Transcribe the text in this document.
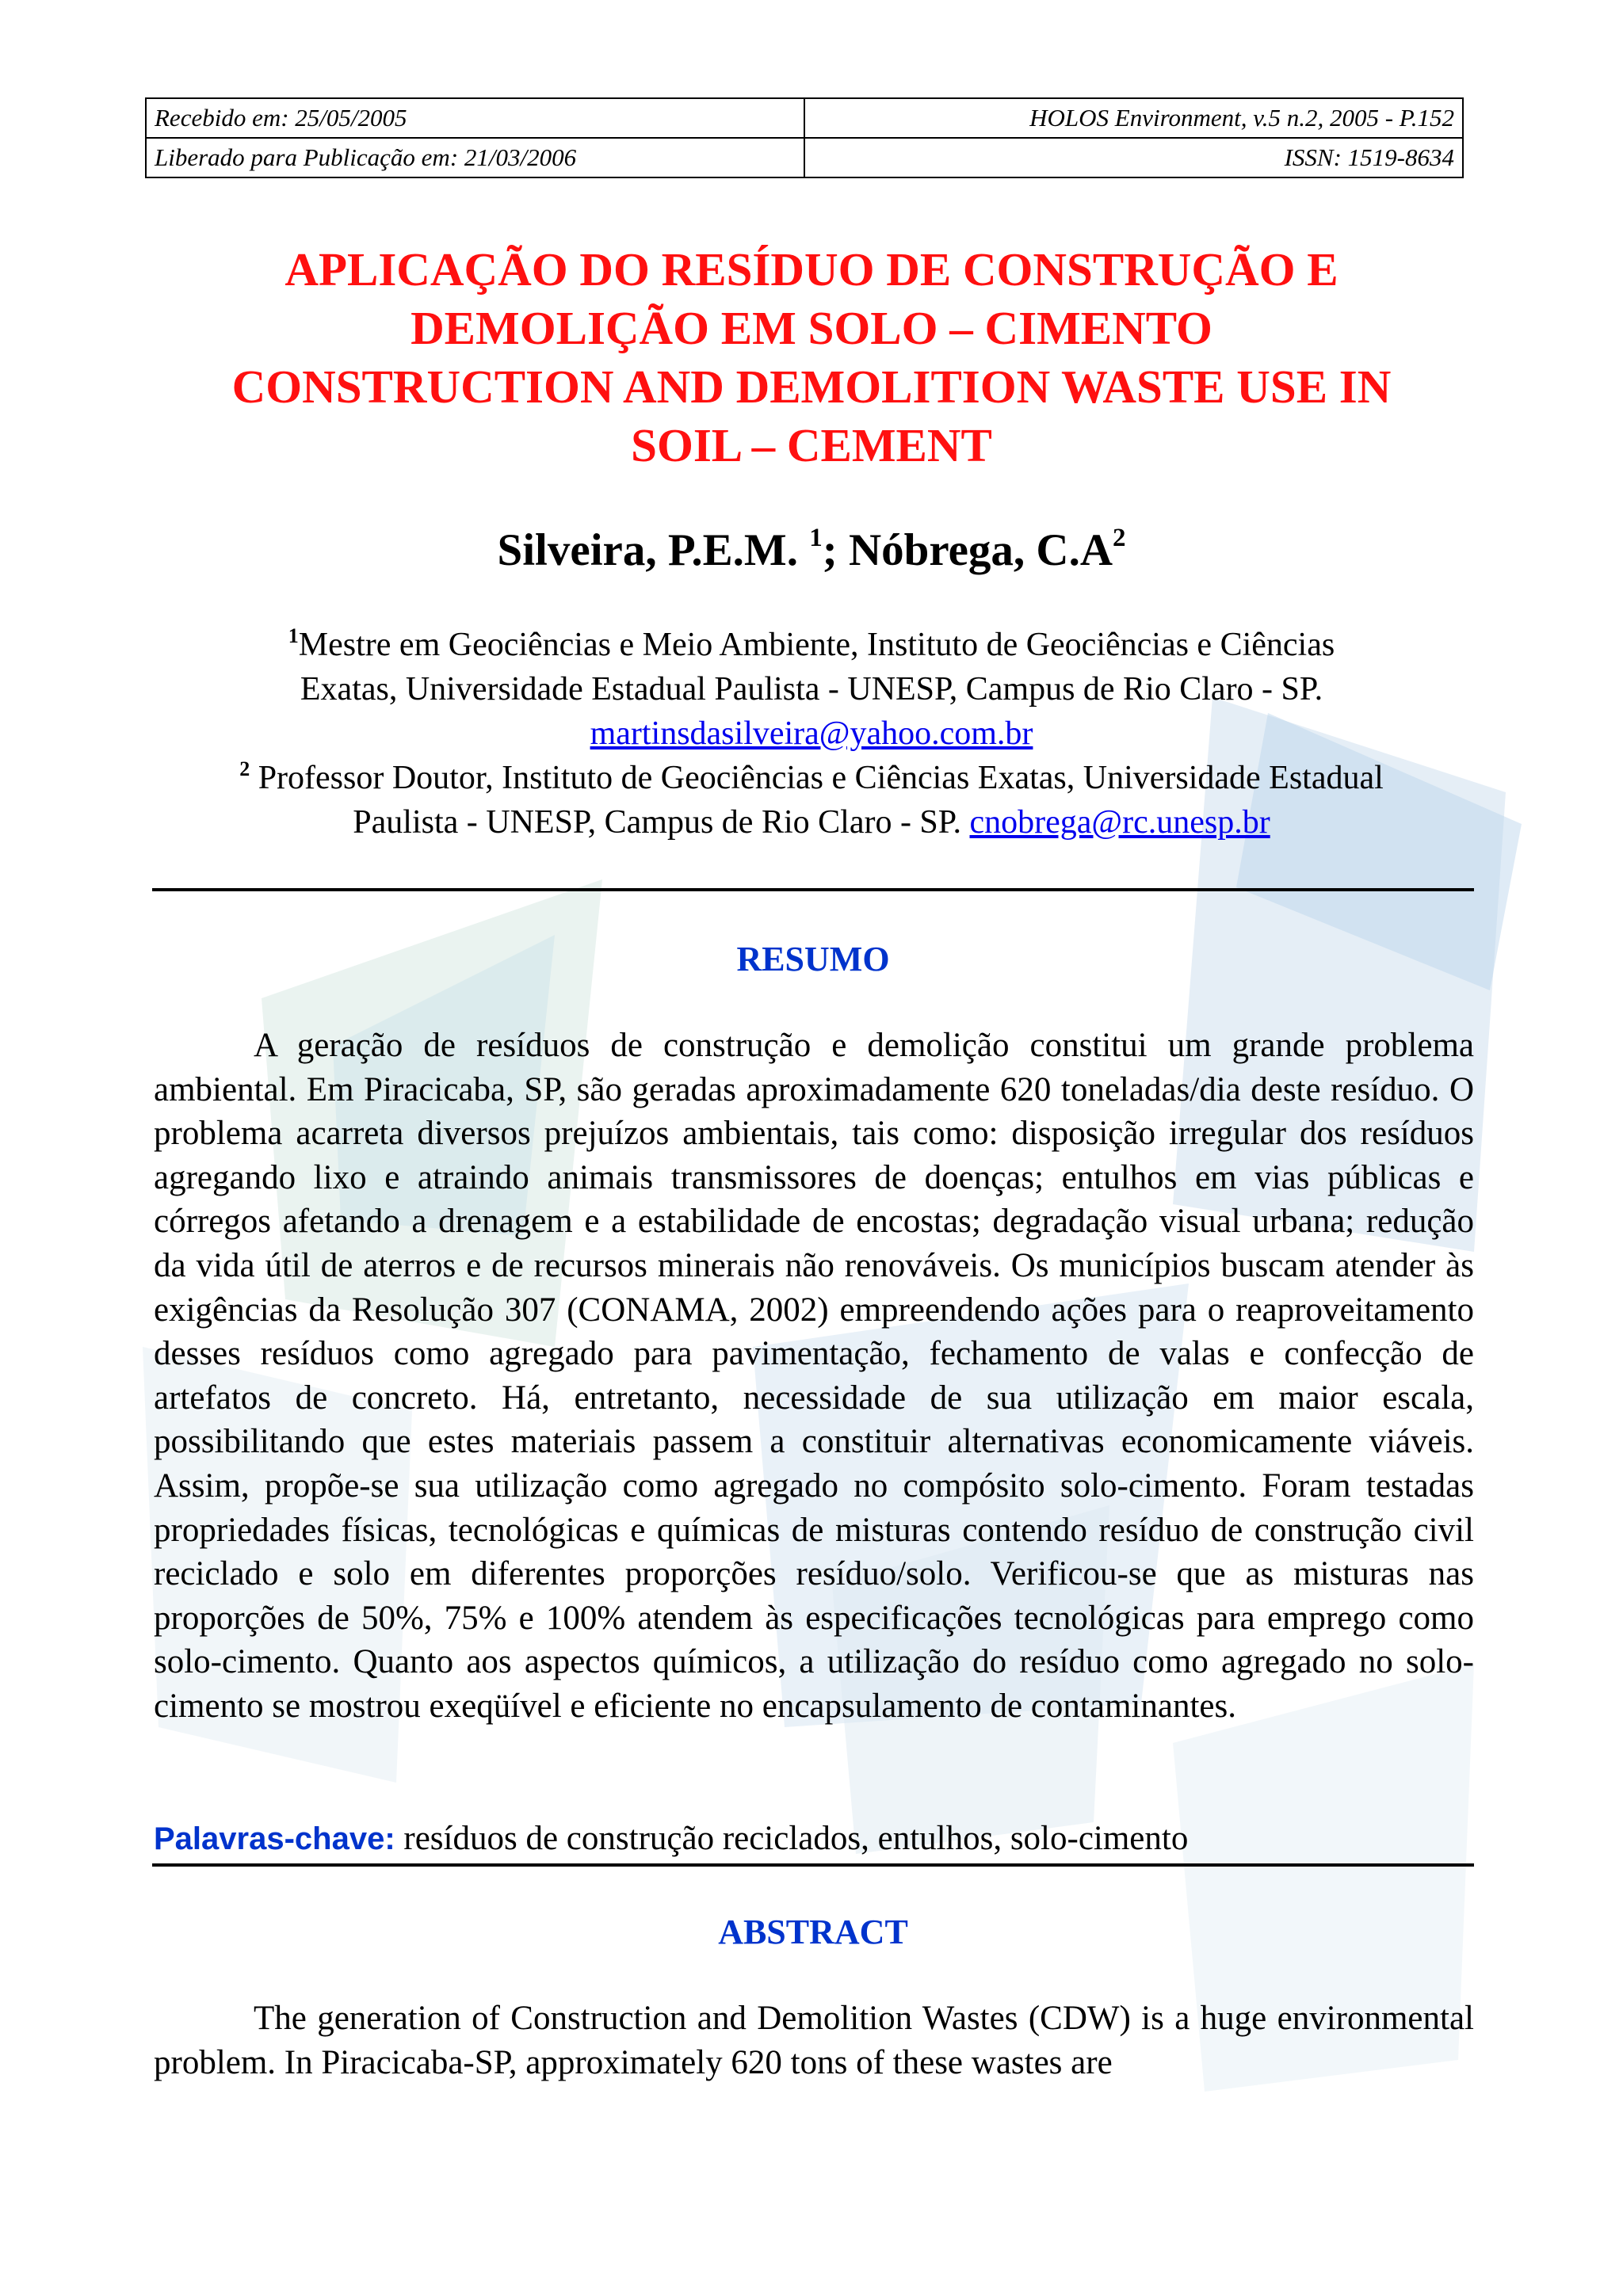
Recebido em: 25/05/2005	HOLOS Environment, v.5 n.2, 2005 - P.152
Liberado para Publicação em: 21/03/2006	ISSN: 1519-8634
APLICAÇÃO DO RESÍDUO DE CONSTRUÇÃO E
DEMOLIÇÃO EM SOLO – CIMENTO
CONSTRUCTION AND DEMOLITION WASTE USE IN
SOIL – CEMENT
Silveira, P.E.M. $^1$; Nóbrega, $C.A^2$
$^1$Mestre em Geociências e Meio Ambiente, Instituto de Geociências e Ciências
Exatas, Universidade Estadual Paulista - UNESP, Campus de Rio Claro - SP.
martinsdasilveira@yahoo.com.br
$^2$ Professor Doutor, Instituto de Geociências e Ciências Exatas, Universidade Estadual
Paulista - UNESP, Campus de Rio Claro - SP. cnobrega@rc.unesp.br
RESUMO

A geração de resíduos de construção e demolição constitui um grande problema ambiental. Em Piracicaba, SP, são geradas aproximadamente 620 toneladas/dia deste resíduo. O problema acarreta diversos prejuízos ambientais, tais como: disposição irregular dos resíduos agregando lixo e atraindo animais transmissores de doenças; entulhos em vias públicas e córregos afetando a drenagem e a estabilidade de encostas; degradação visual urbana; redução da vida útil de aterros e de recursos minerais não renováveis. Os municípios buscam atender às exigências da Resolução 307 (CONAMA, 2002) empreendendo ações para o reaproveitamento desses resíduos como agregado para pavimentação, fechamento de valas e confecção de artefatos de concreto. Há, entretanto, necessidade de sua utilização em maior escala, possibilitando que estes materiais passem a constituir alternativas economicamente viáveis. Assim, propõe-se sua utilização como agregado no compósito solo-cimento. Foram testadas propriedades físicas, tecnológicas e químicas de misturas contendo resíduo de construção civil reciclado e solo em diferentes proporções resíduo/solo. Verificou-se que as misturas nas proporções de 50%, 75% e 100% atendem às especificações tecnológicas para emprego como solo-cimento. Quanto aos aspectos químicos, a utilização do resíduo como agregado no solo-cimento se mostrou exeqüível e eficiente no encapsulamento de contaminantes.

Palavras-chave: resíduos de construção reciclados, entulhos, solo-cimento
ABSTRACT

The generation of Construction and Demolition Wastes (CDW) is a huge environmental problem. In Piracicaba-SP, approximately 620 tons of these wastes are
